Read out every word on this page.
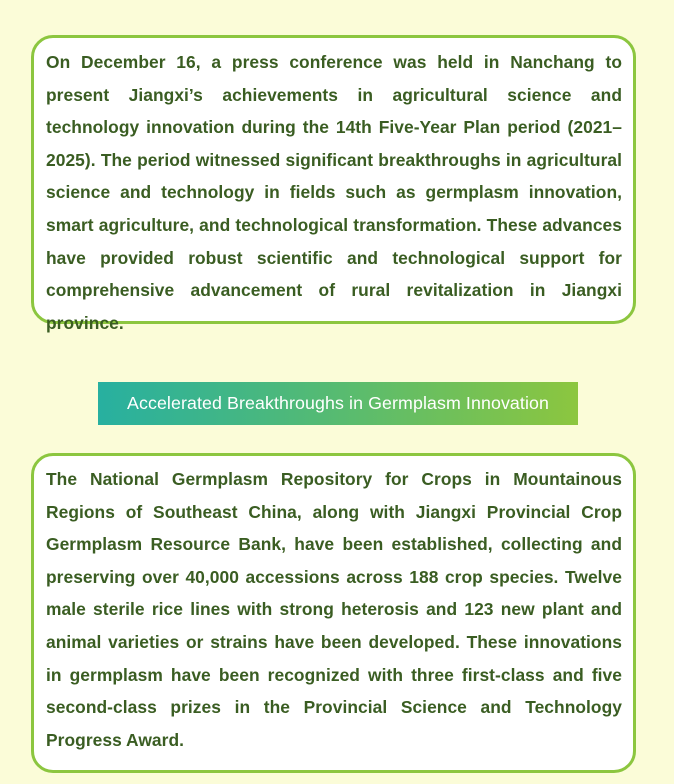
On December 16, a press conference was held in Nanchang to present Jiangxi’s achievements in agricultural science and technology innovation during the 14th Five-Year Plan period (2021–2025). The period witnessed significant breakthroughs in agricultural science and technology in fields such as germplasm innovation, smart agriculture, and technological transformation. These advances have provided robust scientific and technological support for comprehensive advancement of rural revitalization in Jiangxi province.

Accelerated Breakthroughs in Germplasm Innovation

The National Germplasm Repository for Crops in Mountainous Regions of Southeast China, along with Jiangxi Provincial Crop Germplasm Resource Bank, have been established, collecting and preserving over 40,000 accessions across 188 crop species. Twelve male sterile rice lines with strong heterosis and 123 new plant and animal varieties or strains have been developed. These innovations in germplasm have been recognized with three first-class and five second-class prizes in the Provincial Science and Technology Progress Award.
